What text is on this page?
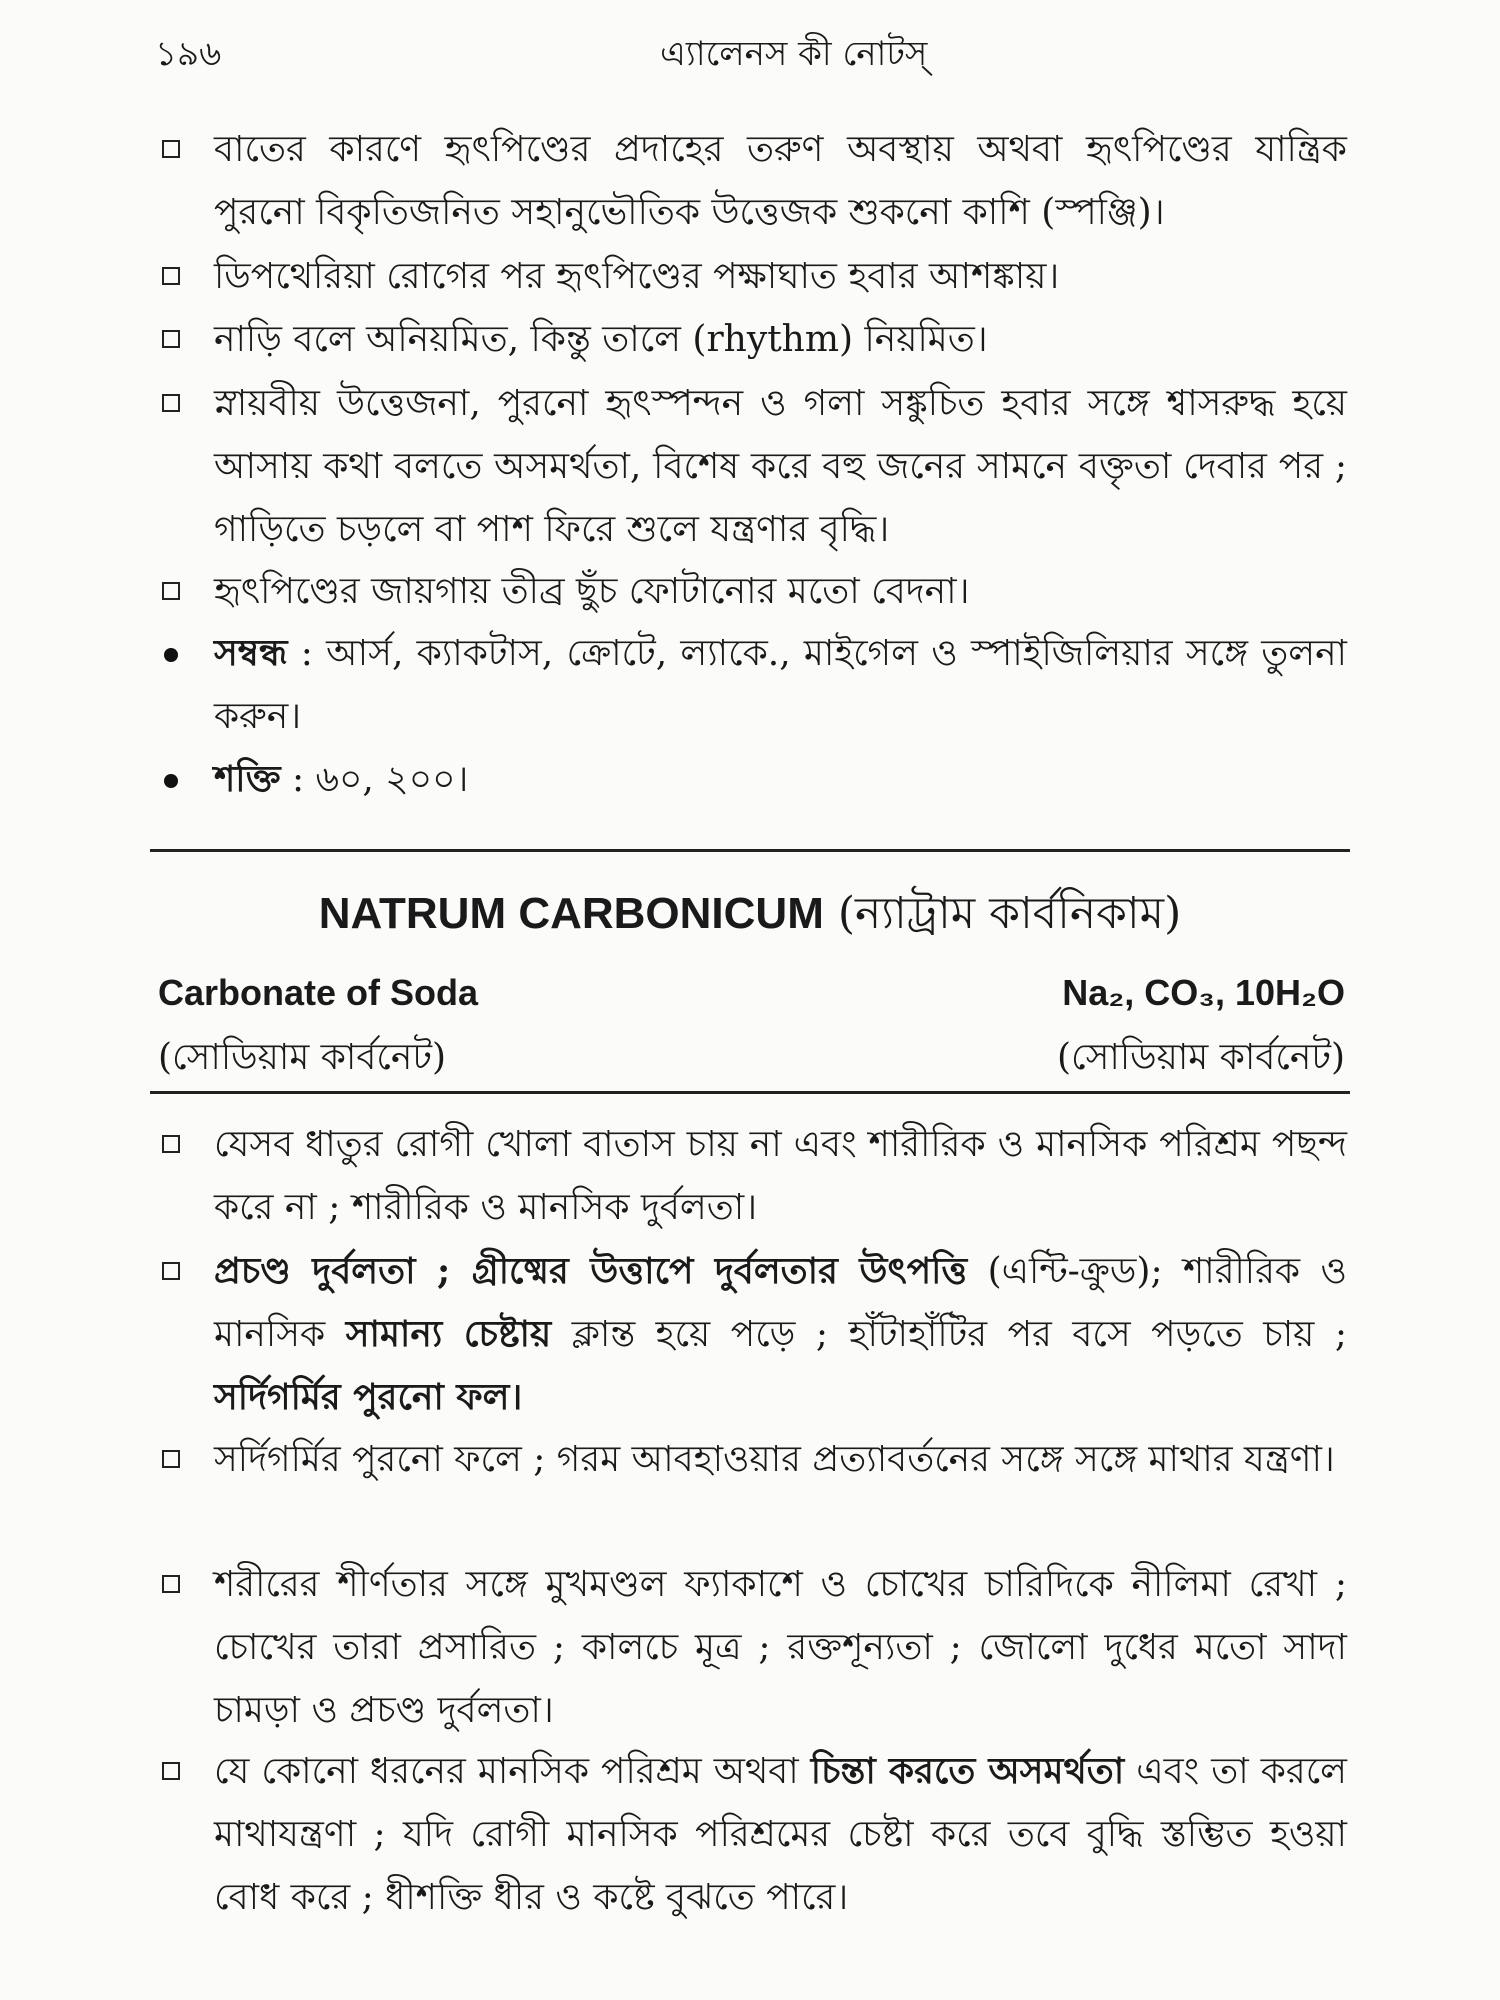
১৯৬	এ্যালেনস কী নোটস্
বাতের কারণে হৃৎপিণ্ডের প্রদাহের তরুণ অবস্থায় অথবা হৃৎপিণ্ডের যান্ত্রিক পুরনো বিকৃতিজনিত সহানুভৌতিক উত্তেজক শুকনো কাশি (স্পঞ্জি)।
ডিপথেরিয়া রোগের পর হৃৎপিণ্ডের পক্ষাঘাত হবার আশঙ্কায়।
নাড়ি বলে অনিয়মিত, কিন্তু তালে (rhythm) নিয়মিত।
স্নায়বীয় উত্তেজনা, পুরনো হৃৎস্পন্দন ও গলা সঙ্কুচিত হবার সঙ্গে শ্বাসরুদ্ধ হয়ে আসায় কথা বলতে অসমর্থতা, বিশেষ করে বহু জনের সামনে বক্তৃতা দেবার পর ; গাড়িতে চড়লে বা পাশ ফিরে শুলে যন্ত্রণার বৃদ্ধি।
হৃৎপিণ্ডের জায়গায় তীব্র ছুঁচ ফোটানোর মতো বেদনা।
সম্বন্ধ : আর্স, ক্যাকটাস, ক্রোটে, ল্যাকে., মাইগেল ও স্পাইজিলিয়ার সঙ্গে তুলনা করুন।
শক্তি : ৬০, ২০০।
NATRUM CARBONICUM (ন্যাট্রাম কার্বনিকাম)
Carbonate of Soda	Na₂, CO₃, 10H₂O
(সোডিয়াম কার্বনেট)	(সোডিয়াম কার্বনেট)
যেসব ধাতুর রোগী খোলা বাতাস চায় না এবং শারীরিক ও মানসিক পরিশ্রম পছন্দ করে না ; শারীরিক ও মানসিক দুর্বলতা।
প্রচণ্ড দুর্বলতা ; গ্রীষ্মের উত্তাপে দুর্বলতার উৎপত্তি (এন্টি-ক্রুড); শারীরিক ও মানসিক সামান্য চেষ্টায় ক্লান্ত হয়ে পড়ে ; হাঁটাহাঁটির পর বসে পড়তে চায় ; সর্দিগর্মির পুরনো ফল।
সর্দিগর্মির পুরনো ফলে ; গরম আবহাওয়ার প্রত্যাবর্তনের সঙ্গে সঙ্গে মাথার যন্ত্রণা।
শরীরের শীর্ণতার সঙ্গে মুখমণ্ডল ফ্যাকাশে ও চোখের চারিদিকে নীলিমা রেখা ; চোখের তারা প্রসারিত ; কালচে মূত্র ; রক্তশূন্যতা ; জোলো দুধের মতো সাদা চামড়া ও প্রচণ্ড দুর্বলতা।
যে কোনো ধরনের মানসিক পরিশ্রম অথবা চিন্তা করতে অসমর্থতা এবং তা করলে মাথাযন্ত্রণা ; যদি রোগী মানসিক পরিশ্রমের চেষ্টা করে তবে বুদ্ধি স্তম্ভিত হওয়া বোধ করে ; ধীশক্তি ধীর ও কষ্টে বুঝতে পারে।
